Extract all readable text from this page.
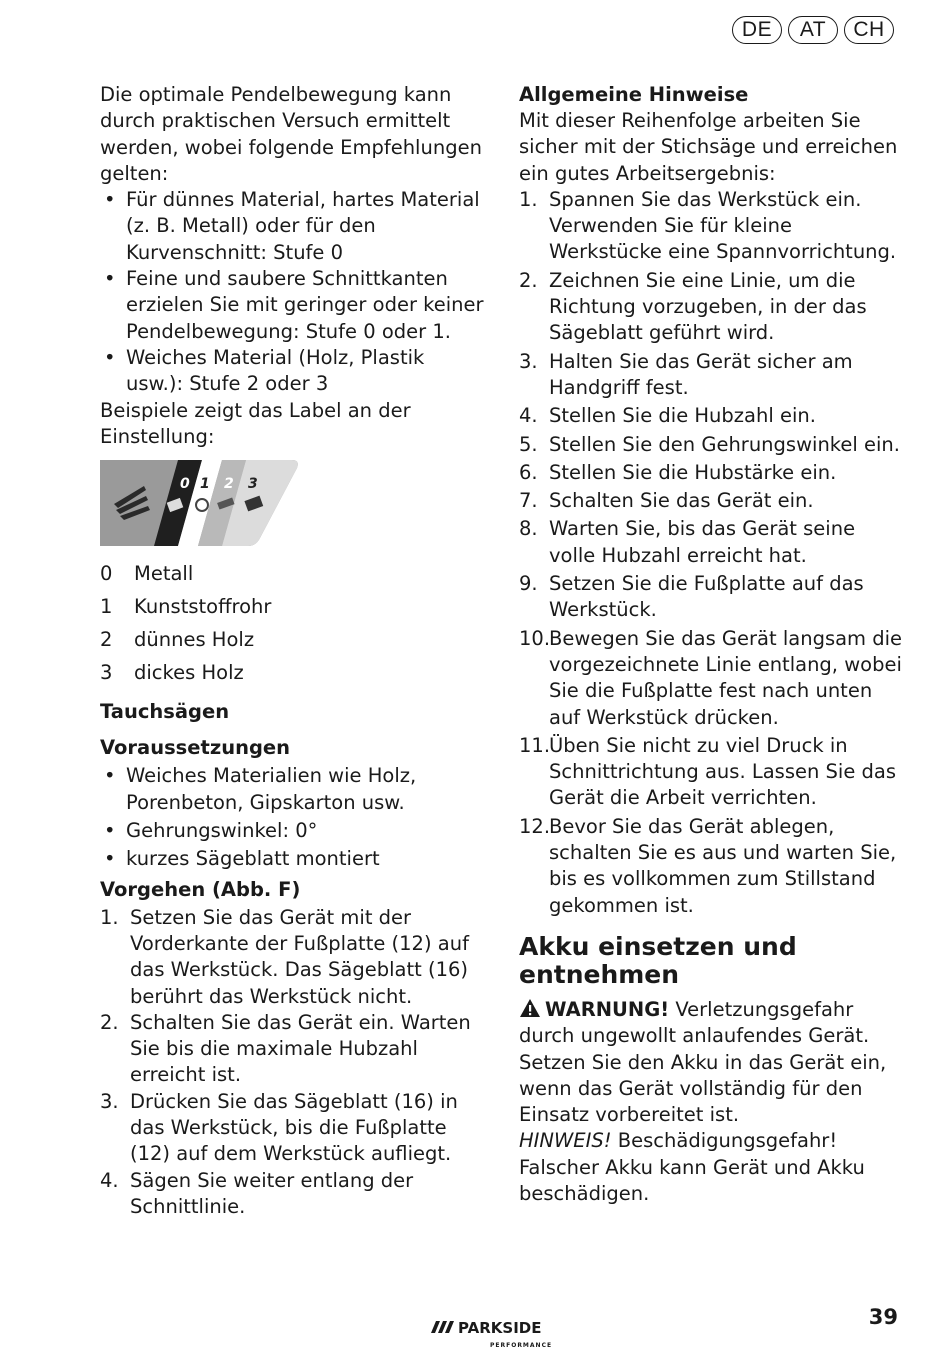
DE	AT	CH

Die optimale Pendelbewegung kann durch praktischen Versuch ermittelt werden, wobei folgende Empfehlungen gelten:

• Für dünnes Material, hartes Material (z. B. Metall) oder für den Kurvenschnitt: Stufe 0
• Feine und saubere Schnittkanten erzielen Sie mit geringer oder keiner Pendelbewegung: Stufe 0 oder 1.
• Weiches Material (Holz, Plastik usw.): Stufe 2 oder 3

Beispiele zeigt das Label an der Einstellung:

0 1 2 3
0	Metall
1	Kunststoffrohr
2	dünnes Holz
3	dickes Holz
Tauchsägen
Voraussetzungen
• Weiches Materialien wie Holz, Porenbeton, Gipskarton usw.
• Gehrungswinkel: 0°
• kurzes Sägeblatt montiert
Vorgehen (Abb. F)
1. Setzen Sie das Gerät mit der Vorderkante der Fußplatte (12) auf das Werkstück. Das Sägeblatt (16) berührt das Werkstück nicht.
2. Schalten Sie das Gerät ein. Warten Sie bis die maximale Hubzahl erreicht ist.
3. Drücken Sie das Sägeblatt (16) in das Werkstück, bis die Fußplatte (12) auf dem Werkstück aufliegt.
4. Sägen Sie weiter entlang der Schnittlinie.
Allgemeine Hinweise

Mit dieser Reihenfolge arbeiten Sie sicher mit der Stichsäge und erreichen ein gutes Arbeitsergebnis:

1. Spannen Sie das Werkstück ein. Verwenden Sie für kleine Werkstücke eine Spannvorrichtung.
2. Zeichnen Sie eine Linie, um die Richtung vorzugeben, in der das Sägeblatt geführt wird.
3. Halten Sie das Gerät sicher am Handgriff fest.
4. Stellen Sie die Hubzahl ein.
5. Stellen Sie den Gehrungswinkel ein.
6. Stellen Sie die Hubstärke ein.
7. Schalten Sie das Gerät ein.
8. Warten Sie, bis das Gerät seine volle Hubzahl erreicht hat.
9. Setzen Sie die Fußplatte auf das Werkstück.
10.
Bewegen Sie das Gerät langsam die vorgezeichnete Linie entlang, wobei Sie die Fußplatte fest nach unten auf Werkstück drücken.
11.
Üben Sie nicht zu viel Druck in Schnittrichtung aus. Lassen Sie das Gerät die Arbeit verrichten.
12.
Bevor Sie das Gerät ablegen, schalten Sie es aus und warten Sie, bis es vollkommen zum Stillstand gekommen ist.
Akku einsetzen und entnehmen

WARNUNG! Verletzungsgefahr durch ungewollt anlaufendes Gerät. Setzen Sie den Akku in das Gerät ein, wenn das Gerät vollständig für den Einsatz vorbereitet ist.

HINWEIS! Beschädigungsgefahr! Falscher Akku kann Gerät und Akku beschädigen.

PARKSIDE
PERFORMANCE
39
